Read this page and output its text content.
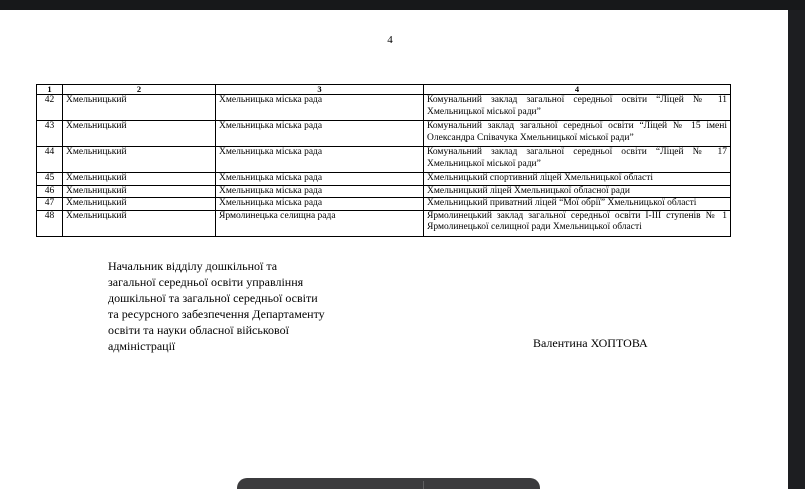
4
1	2	3	4
42	Хмельницький	Хмельницька міська рада	Комунальний заклад загальної середньої освіти “Ліцей № 11 Хмельницької міської ради”
43	Хмельницький	Хмельницька міська рада	Комунальний заклад загальної середньої освіти “Ліцей № 15 імені Олександра Співачука Хмельницької міської ради”
44	Хмельницький	Хмельницька міська рада	Комунальний заклад загальної середньої освіти “Ліцей № 17 Хмельницької міської ради”
45	Хмельницький	Хмельницька міська рада	Хмельницький спортивний ліцей Хмельницької області
46	Хмельницький	Хмельницька міська рада	Хмельницький ліцей Хмельницької обласної ради
47	Хмельницький	Хмельницька міська рада	Хмельницький приватний ліцей “Мої обрії” Хмельницької області
48	Хмельницький	Ярмолинецька селищна рада	Ярмолинецький заклад загальної середньої освіти І-ІІІ ступенів № 1 Ярмолинецької селищної ради Хмельницької області
Начальник відділу дошкільної та
загальної середньої освіти управління
дошкільної та загальної середньої освіти
та ресурсного забезпечення Департаменту
освіти та науки обласної військової
адміністрації	Валентина ХОПТОВА
